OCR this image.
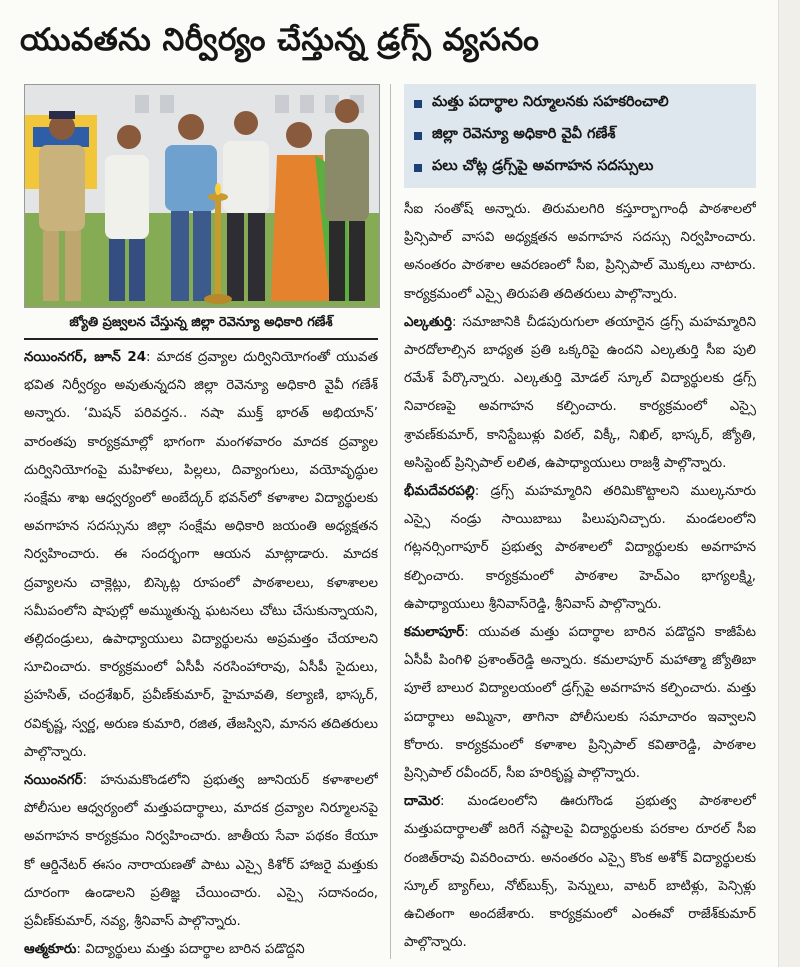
యువతను నిర్వీర్యం చేస్తున్న డ్రగ్స్ వ్యసనం
జ్యోతి ప్రజ్వలన చేస్తున్న జిల్లా రెవెన్యూ అధికారి గణేశ్
మత్తు పదార్థాల నిర్మూలనకు సహకరించాలి
జిల్లా రెవెన్యూ అధికారి వైవీ గణేశ్
పలు చోట్ల డ్రగ్స్‌పై అవగాహన సదస్సులు

నయింనగర్, జూన్ 24: మాదక ద్రవ్యాల దుర్వినియోగంతో యువత భవిత నిర్వీర్యం అవుతున్నదని జిల్లా రెవెన్యూ అధికారి వైవీ గణేశ్ అన్నారు. ‘మిషన్ పరివర్తన.. నషా ముక్త్ భారత్ అభియాన్’ వారంతపు కార్యక్రమాల్లో భాగంగా మంగళవారం మాదక ద్రవ్యాల దుర్వినియోగంపై మహిళలు, పిల్లలు, దివ్యాంగులు, వయోవృద్ధుల సంక్షేమ శాఖ ఆధ్వర్యంలో అంబేద్కర్ భవన్‌లో కళాశాల విద్యార్థులకు అవగాహన సదస్సును జిల్లా సంక్షేమ అధికారి జయంతి అధ్యక్షతన నిర్వహించారు. ఈ సందర్భంగా ఆయన మాట్లాడారు. మాదక ద్రవ్యాలను చాక్లెట్లు, బిస్కెట్ల రూపంలో పాఠశాలలు, కళాశాలల సమీపంలోని షాపుల్లో అమ్ముతున్న ఘటనలు చోటు చేసుకున్నాయని, తల్లిదండ్రులు, ఉపాధ్యాయులు విద్యార్థులను అప్రమత్తం చేయాలని సూచించారు. కార్యక్రమంలో ఏసీపీ నరసింహారావు, ఏసీపీ సైదులు, ప్రహసిత్, చంద్రశేఖర్, ప్రవీణ్‌కుమార్, హైమావతి, కల్యాణి, భాస్కర్, రవికృష్ణ, స్వర్ణ, అరుణ కుమారి, రజిత, తేజస్విని, మానస తదితరులు పాల్గొన్నారు.

నయింనగర్: హనుమకొండలోని ప్రభుత్వ జూనియర్ కళాశాలలో పోలీసుల ఆధ్వర్యంలో మత్తుపదార్థాలు, మాదక ద్రవ్యాల నిర్మూలనపై అవగాహన కార్యక్రమం నిర్వహించారు. జాతీయ సేవా పథకం కేయూ కో ఆర్డినేటర్ ఈసం నారాయణతో పాటు ఎస్సై కిశోర్ హాజరై మత్తుకు దూరంగా ఉండాలని ప్రతిజ్ఞ చేయించారు. ఎస్సై సదానందం, ప్రవీణ్‌కుమార్, నవ్య, శ్రీనివాస్ పాల్గొన్నారు.

ఆత్మకూరు: విద్యార్థులు మత్తు పదార్థాల బారిన పడొద్దని

సీఐ సంతోష్ అన్నారు. తిరుమలగిరి కస్తూర్బాగాంధీ పాఠశాలలో ప్రిన్సిపాల్ వాసవి అధ్యక్షతన అవగాహన సదస్సు నిర్వహించారు. అనంతరం పాఠశాల ఆవరణంలో సీఐ, ప్రిన్సిపాల్ మొక్కలు నాటారు. కార్యక్రమంలో ఎస్సై తిరుపతి తదితరులు పాల్గొన్నారు.

ఎల్కతుర్తి: సమాజానికి చీడపురుగులా తయారైన డ్రగ్స్ మహమ్మారిని పారదోలాల్సిన బాధ్యత ప్రతి ఒక్కరిపై ఉందని ఎల్కతుర్తి సీఐ పులి రమేశ్ పేర్కొన్నారు. ఎల్కతుర్తి మోడల్ స్కూల్ విద్యార్థులకు డ్రగ్స్ నివారణపై అవగాహన కల్పించారు. కార్యక్రమంలో ఎస్సై శ్రావణ్‌కుమార్, కానిస్టేబుళ్లు విఠల్, విక్కీ, నిఖిల్, భాస్కర్, జ్యోతి, అసిస్టెంట్ ప్రిన్సిపాల్ లలిత, ఉపాధ్యాయులు రాజశ్రీ పాల్గొన్నారు.

భీమదేవరపల్లి: డ్రగ్స్ మహమ్మారిని తరిమికొట్టాలని ముల్కనూరు ఎస్సై నండ్రు సాయిబాబు పిలుపునిచ్చారు. మండలంలోని గట్లనర్సింగాపూర్ ప్రభుత్వ పాఠశాలలో విద్యార్థులకు అవగాహన కల్పించారు. కార్యక్రమంలో పాఠశాల హెచ్ఎం భాగ్యలక్ష్మి, ఉపాధ్యాయులు శ్రీనివాస్‌రెడ్డి, శ్రీనివాస్ పాల్గొన్నారు.

కమలాపూర్: యువత మత్తు పదార్థాల బారిన పడొద్దని కాజీపేట ఏసీపీ పింగిళి ప్రశాంత్‌రెడ్డి అన్నారు. కమలాపూర్ మహాత్మా జ్యోతిబా పూలే బాలుర విద్యాలయంలో డ్రగ్స్‌పై అవగాహన కల్పించారు. మత్తు పదార్థాలు అమ్మినా, తాగినా పోలీసులకు సమాచారం ఇవ్వాలని కోరారు. కార్యక్రమంలో కళాశాల ప్రిన్సిపాల్ కవితారెడ్డి, పాఠశాల ప్రిన్సిపాల్ రవీందర్, సీఐ హరికృష్ణ పాల్గొన్నారు.

దామెర: మండలంలోని ఊరుగొండ ప్రభుత్వ పాఠశాలలో మత్తుపదార్థాలతో జరిగే నష్టాలపై విద్యార్థులకు పరకాల రూరల్ సీఐ రంజిత్‌రావు వివరించారు. అనంతరం ఎస్సై కొంక అశోక్ విద్యార్థులకు స్కూల్ బ్యాగ్‌లు, నోట్‌బుక్స్, పెన్నులు, వాటర్ బాటిళ్లు, పెన్సిళ్లు ఉచితంగా అందజేశారు. కార్యక్రమంలో ఎంఈవో రాజేశ్‌కుమార్ పాల్గొన్నారు.
